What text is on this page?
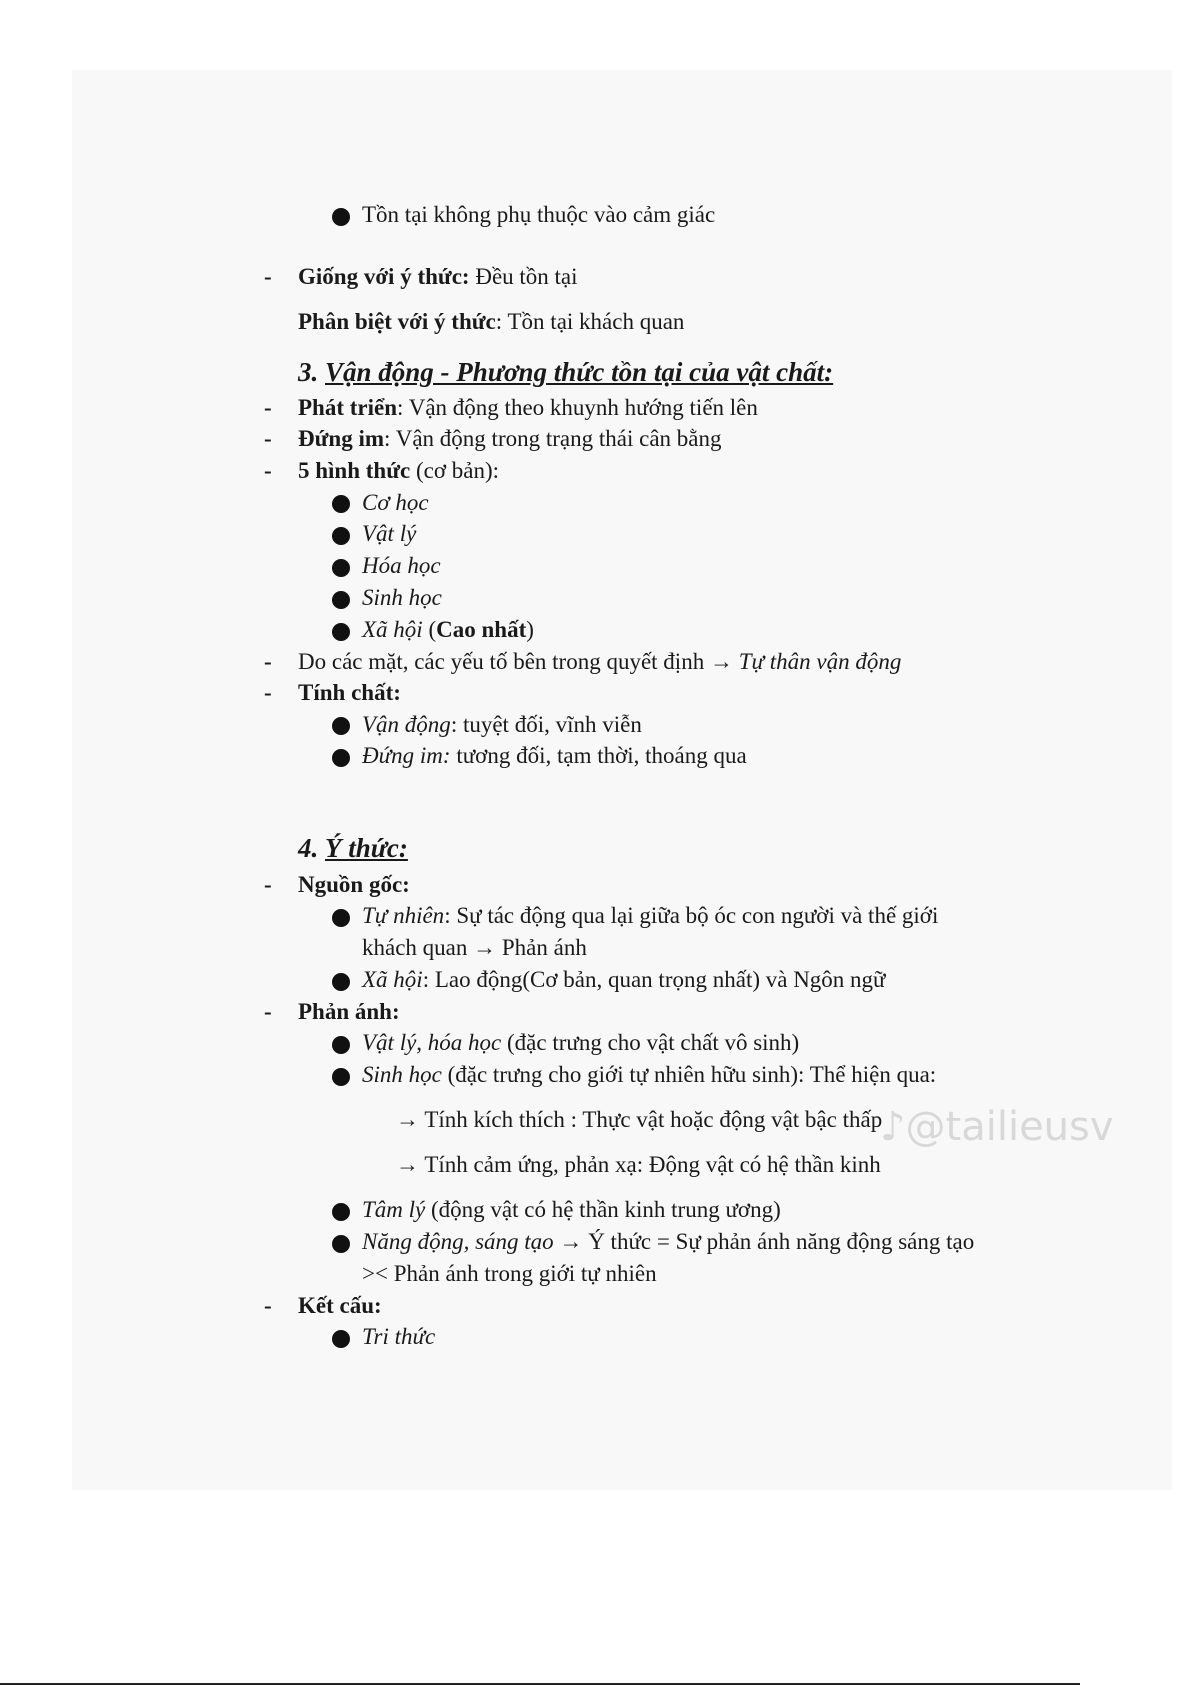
Tồn tại không phụ thuộc vào cảm giác
- Giống với ý thức: Đều tồn tại
Phân biệt với ý thức: Tồn tại khách quan
3. Vận động - Phương thức tồn tại của vật chất:
- Phát triển: Vận động theo khuynh hướng tiến lên
- Đứng im: Vận động trong trạng thái cân bằng
- 5 hình thức (cơ bản):
Cơ học
Vật lý
Hóa học
Sinh học
Xã hội (Cao nhất)
- Do các mặt, các yếu tố bên trong quyết định → Tự thân vận động
- Tính chất:
Vận động: tuyệt đối, vĩnh viễn
Đứng im: tương đối, tạm thời, thoáng qua
4. Ý thức:
- Nguồn gốc:
Tự nhiên: Sự tác động qua lại giữa bộ óc con người và thế giới
khách quan → Phản ánh
Xã hội: Lao động(Cơ bản, quan trọng nhất) và Ngôn ngữ
- Phản ánh:
Vật lý, hóa học (đặc trưng cho vật chất vô sinh)
Sinh học (đặc trưng cho giới tự nhiên hữu sinh): Thể hiện qua:
→ Tính kích thích : Thực vật hoặc động vật bậc thấp
→ Tính cảm ứng, phản xạ: Động vật có hệ thần kinh
Tâm lý (động vật có hệ thần kinh trung ương)
Năng động, sáng tạo → Ý thức = Sự phản ánh năng động sáng tạo
>< Phản ánh trong giới tự nhiên
- Kết cấu:
Tri thức
♪@tailieusv
